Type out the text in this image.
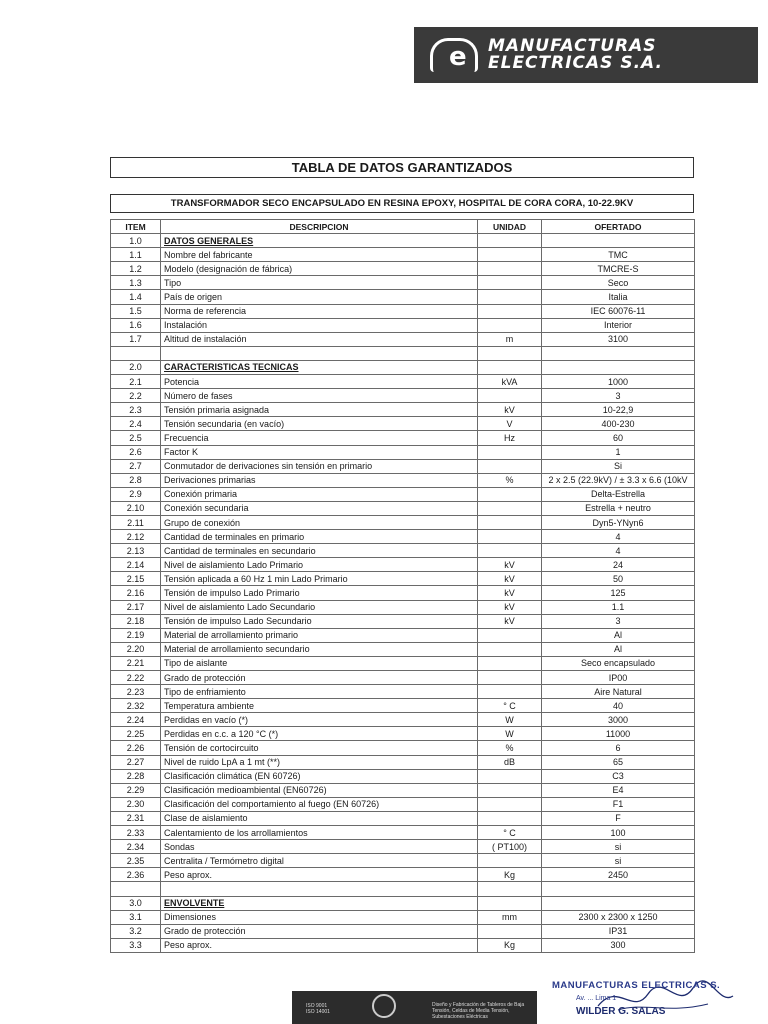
e MANUFACTURAS
ELECTRICAS S.A.
TABLA DE DATOS GARANTIZADOS
TRANSFORMADOR SECO ENCAPSULADO EN RESINA EPOXY, HOSPITAL DE CORA CORA, 10-22.9KV
ITEM	DESCRIPCION	UNIDAD	OFERTADO
1.0	DATOS GENERALES		
1.1	Nombre del fabricante		TMC
1.2	Modelo (designación de fábrica)		TMCRE-S
1.3	Tipo		Seco
1.4	País de origen		Italia
1.5	Norma de referencia		IEC 60076-11
1.6	Instalación		Interior
1.7	Altitud de instalación	m	3100

2.0	CARACTERISTICAS TECNICAS		
2.1	Potencia	kVA	1000
2.2	Número de fases		3
2.3	Tensión primaria asignada	kV	10-22,9
2.4	Tensión secundaria (en vacío)	V	400-230
2.5	Frecuencia	Hz	60
2.6	Factor K		1
2.7	Conmutador de derivaciones sin tensión en primario		Si
2.8	Derivaciones primarias	%	2 x 2.5 (22.9kV) / ± 3.3 x 6.6 (10kV
2.9	Conexión primaria		Delta-Estrella
2.10	Conexión secundaria		Estrella + neutro
2.11	Grupo de conexión		Dyn5-YNyn6
2.12	Cantidad de terminales en primario		4
2.13	Cantidad de terminales en secundario		4
2.14	Nivel de aislamiento Lado Primario	kV	24
2.15	Tensión aplicada a 60 Hz 1 min Lado Primario	kV	50
2.16	Tensión de impulso Lado Primario	kV	125
2.17	Nivel de aislamiento Lado Secundario	kV	1.1
2.18	Tensión de impulso Lado Secundario	kV	3
2.19	Material de arrollamiento primario		Al
2.20	Material de arrollamiento secundario		Al
2.21	Tipo de aislante		Seco encapsulado
2.22	Grado de protección		IP00
2.23	Tipo de enfriamiento		Aire Natural
2.32	Temperatura ambiente	° C	40
2.24	Perdidas en vacío (*)	W	3000
2.25	Perdidas en c.c. a 120 °C (*)	W	11000
2.26	Tensión de cortocircuito	%	6
2.27	Nivel de ruido LpA a 1 mt (**)	dB	65
2.28	Clasificación climática (EN 60726)		C3
2.29	Clasificación medioambiental (EN60726)		E4
2.30	Clasificación del comportamiento al fuego (EN 60726)		F1
2.31	Clase de aislamiento		F
2.33	Calentamiento de los arrollamientos	° C	100
2.34	Sondas	( PT100)	si
2.35	Centralita / Termómetro digital		si
2.36	Peso aprox.	Kg	2450

3.0	ENVOLVENTE		
3.1	Dimensiones	mm	2300 x 2300 x 1250
3.2	Grado de protección		IP31
3.3	Peso aprox.	Kg	300
ISO 9001
ISO 14001
Diseño y Fabricación de Tableros de Baja Tensión, Celdas de Media Tensión, Subestaciones Eléctricas
MANUFACTURAS ELECTRICAS S.
Av. ... Lima 1
WILDER G. SALAS
